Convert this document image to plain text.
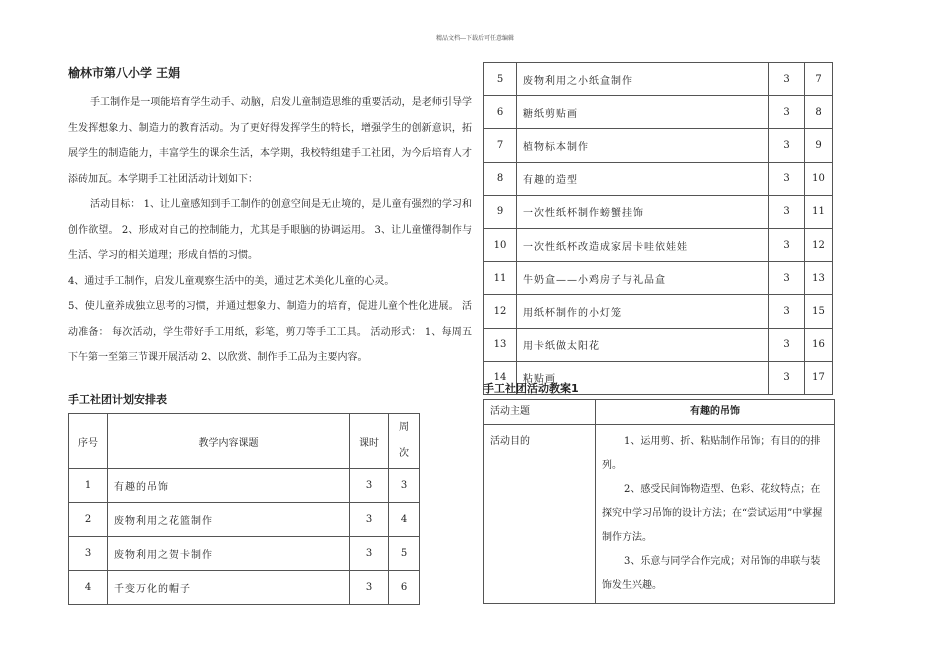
精品文档---下载后可任意编辑
榆林市第八小学 王娟

手工制作是一项能培育学生动手、动脑，启发儿童制造思维的重要活动，是老师引导学生发挥想象力、制造力的教育活动。为了更好得发挥学生的特长，增强学生的创新意识，拓展学生的制造能力，丰富学生的课余生活，本学期，我校特组建手工社团，为今后培育人才添砖加瓦。本学期手工社团活动计划如下：

活动目标： 1、让儿童感知到手工制作的创意空间是无止境的，是儿童有强烈的学习和创作欲望。 2、形成对自己的控制能力，尤其是手眼脑的协调运用。 3、让儿童懂得制作与生活、学习的相关道理；形成自悟的习惯。

4、通过手工制作，启发儿童观察生活中的美，通过艺术美化儿童的心灵。

5、使儿童养成独立思考的习惯，并通过想象力、制造力的培育，促进儿童个性化进展。 活动准备： 每次活动，学生带好手工用纸，彩笔，剪刀等手工工具。 活动形式： 1、每周五下午第一至第三节课开展活动 2、以欣赏、制作手工品为主要内容。

手工社团计划安排表
序号	教学内容课题	课时	周
次
1	有趣的吊饰	3	3
2	废物利用之花篮制作	3	4
3	废物利用之贺卡制作	3	5
4	千变万化的帽子	3	6
5	废物利用之小纸盒制作	3	7
6	糖纸剪贴画	3	8
7	植物标本制作	3	9
8	有趣的造型	3	10
9	一次性纸杯制作螃蟹挂饰	3	11
10	一次性纸杯改造成家居卡哇依娃娃	3	12
11	牛奶盒——小鸡房子与礼品盒	3	13
12	用纸杯制作的小灯笼	3	15
13	用卡纸做太阳花	3	16
14	粘贴画	3	17
手工社团活动教案1
活动主题	有趣的吊饰
活动目的	1、运用剪、折、粘贴制作吊饰；有目的的排列。

2、感受民间饰物造型、色彩、花纹特点；在探究中学习吊饰的设计方法；在“尝试运用”中掌握制作方法。

3、乐意与同学合作完成；对吊饰的串联与装饰发生兴趣。
